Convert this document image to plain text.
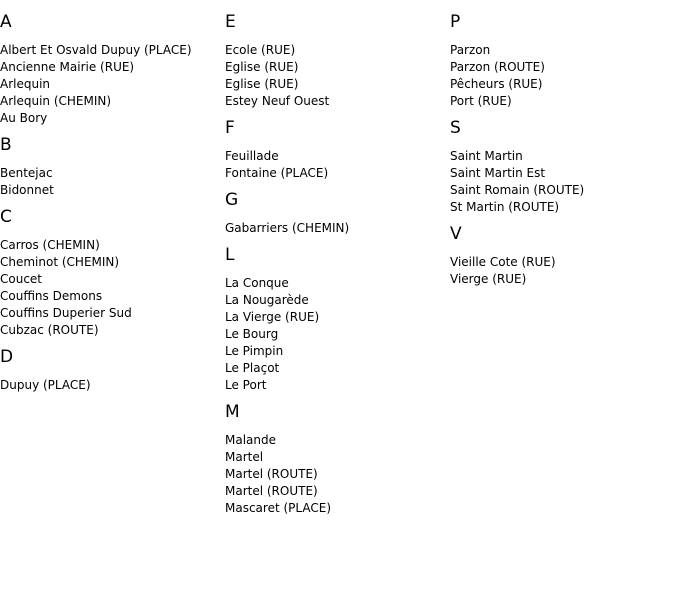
A
Albert Et Osvald Dupuy (PLACE)
Ancienne Mairie (RUE)
Arlequin
Arlequin (CHEMIN)
Au Bory
B
Bentejac
Bidonnet
C
Carros (CHEMIN)
Cheminot (CHEMIN)
Coucet
Couffins Demons
Couffins Duperier Sud
Cubzac (ROUTE)
D
Dupuy (PLACE)
E
Ecole (RUE)
Eglise (RUE)
Eglise (RUE)
Estey Neuf Ouest
F
Feuillade
Fontaine (PLACE)
G
Gabarriers (CHEMIN)
L
La Conque
La Nougarède
La Vierge (RUE)
Le Bourg
Le Pimpin
Le Plaçot
Le Port
M
Malande
Martel
Martel (ROUTE)
Martel (ROUTE)
Mascaret (PLACE)
P
Parzon
Parzon (ROUTE)
Pêcheurs (RUE)
Port (RUE)
S
Saint Martin
Saint Martin Est
Saint Romain (ROUTE)
St Martin (ROUTE)
V
Vieille Cote (RUE)
Vierge (RUE)
